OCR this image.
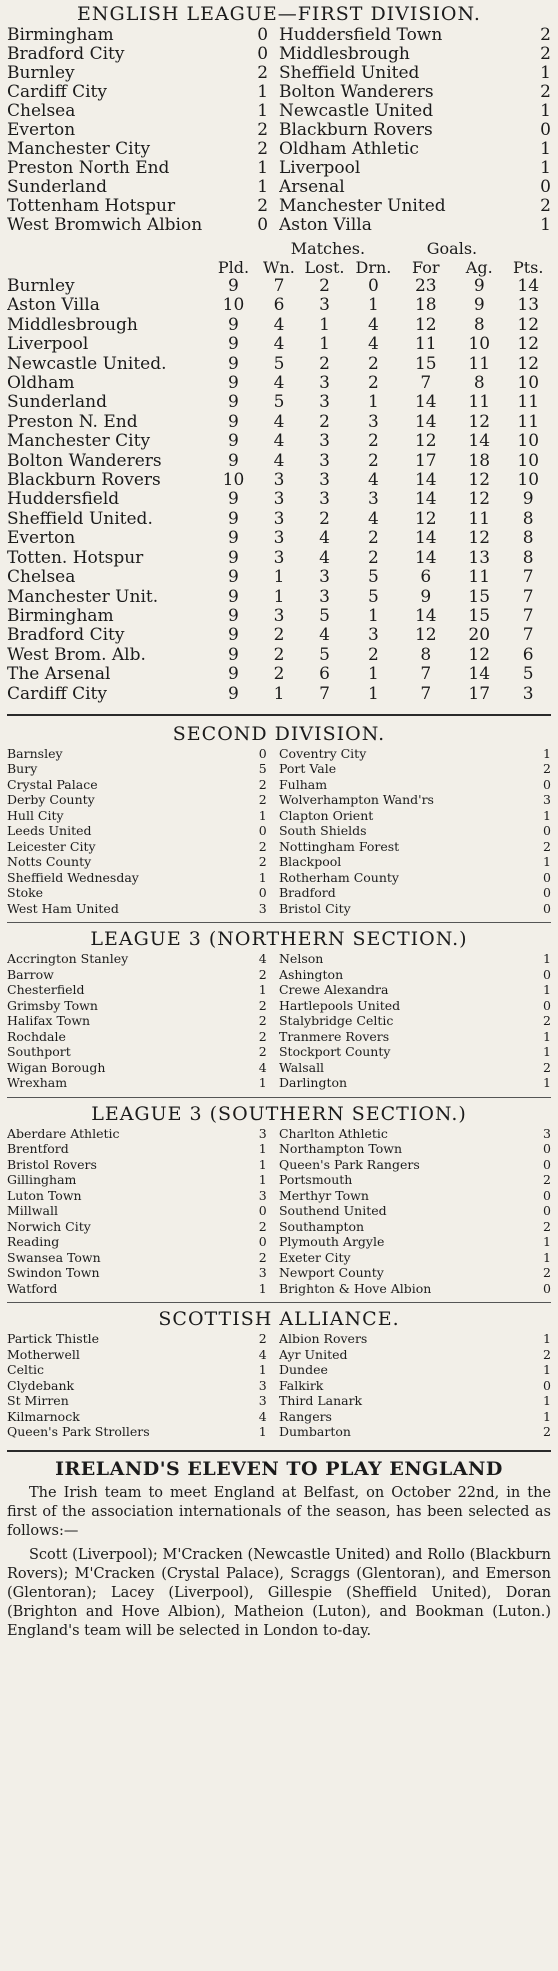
ENGLISH LEAGUE—FIRST DIVISION.
Birmingham	0	Huddersfield Town	2
Bradford City	0	Middlesbrough	2
Burnley	2	Sheffield United	1
Cardiff City	1	Bolton Wanderers	2
Chelsea	1	Newcastle United	1
Everton	2	Blackburn Rovers	0
Manchester City	2	Oldham Athletic	1
Preston North End	1	Liverpool	1
Sunderland	1	Arsenal	0
Tottenham Hotspur	2	Manchester United	2
West Bromwich Albion	0	Aston Villa	1
		Matches.			Goals.		
	Pld.	Wn.	Lost.	Drn.	For	Ag.	Pts.
Burnley	9	7	2	0	23	9	14
Aston Villa	10	6	3	1	18	9	13
Middlesbrough	9	4	1	4	12	8	12
Liverpool	9	4	1	4	11	10	12
Newcastle United.	9	5	2	2	15	11	12
Oldham	9	4	3	2	7	8	10
Sunderland	9	5	3	1	14	11	11
Preston N. End	9	4	2	3	14	12	11
Manchester City	9	4	3	2	12	14	10
Bolton Wanderers	9	4	3	2	17	18	10
Blackburn Rovers	10	3	3	4	14	12	10
Huddersfield	9	3	3	3	14	12	9
Sheffield United.	9	3	2	4	12	11	8
Everton	9	3	4	2	14	12	8
Totten. Hotspur	9	3	4	2	14	13	8
Chelsea	9	1	3	5	6	11	7
Manchester Unit.	9	1	3	5	9	15	7
Birmingham	9	3	5	1	14	15	7
Bradford City	9	2	4	3	12	20	7
West Brom. Alb.	9	2	5	2	8	12	6
The Arsenal	9	2	6	1	7	14	5
Cardiff City	9	1	7	1	7	17	3
SECOND DIVISION.
Barnsley	0	Coventry City	1
Bury	5	Port Vale	2
Crystal Palace	2	Fulham	0
Derby County	2	Wolverhampton Wand'rs	3
Hull City	1	Clapton Orient	1
Leeds United	0	South Shields	0
Leicester City	2	Nottingham Forest	2
Notts County	2	Blackpool	1
Sheffield Wednesday	1	Rotherham County	0
Stoke	0	Bradford	0
West Ham United	3	Bristol City	0
LEAGUE 3 (NORTHERN SECTION.)
Accrington Stanley	4	Nelson	1
Barrow	2	Ashington	0
Chesterfield	1	Crewe Alexandra	1
Grimsby Town	2	Hartlepools United	0
Halifax Town	2	Stalybridge Celtic	2
Rochdale	2	Tranmere Rovers	1
Southport	2	Stockport County	1
Wigan Borough	4	Walsall	2
Wrexham	1	Darlington	1
LEAGUE 3 (SOUTHERN SECTION.)
Aberdare Athletic	3	Charlton Athletic	3
Brentford	1	Northampton Town	0
Bristol Rovers	1	Queen's Park Rangers	0
Gillingham	1	Portsmouth	2
Luton Town	3	Merthyr Town	0
Millwall	0	Southend United	0
Norwich City	2	Southampton	2
Reading	0	Plymouth Argyle	1
Swansea Town	2	Exeter City	1
Swindon Town	3	Newport County	2
Watford	1	Brighton & Hove Albion	0
SCOTTISH ALLIANCE.
Partick Thistle	2	Albion Rovers	1
Motherwell	4	Ayr United	2
Celtic	1	Dundee	1
Clydebank	3	Falkirk	0
St Mirren	3	Third Lanark	1
Kilmarnock	4	Rangers	1
Queen's Park Strollers	1	Dumbarton	2
IRELAND'S ELEVEN TO PLAY ENGLAND

The Irish team to meet England at Belfast, on October 22nd, in the first of the association internationals of the season, has been selected as follows:—

Scott (Liverpool); M'Cracken (Newcastle United) and Rollo (Blackburn Rovers); M'Cracken (Crystal Palace), Scraggs (Glentoran), and Emerson (Glentoran); Lacey (Liverpool), Gillespie (Sheffield United), Doran (Brighton and Hove Albion), Matheion (Luton), and Bookman (Luton.) England's team will be selected in London to-day.
